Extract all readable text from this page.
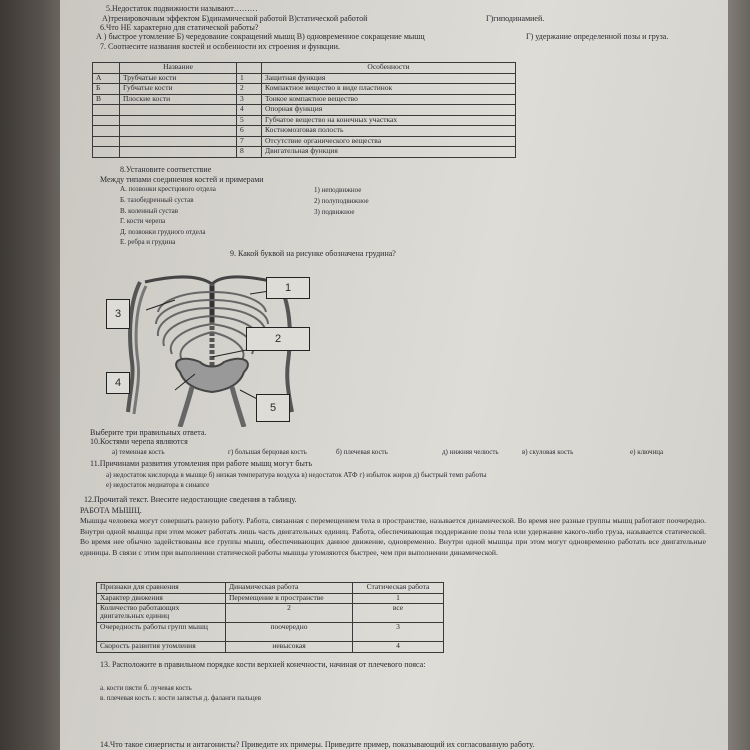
5.Недостаток подвижности называют………
А)тренировочным эффектом Б)динамической работой В)статической работой	Г)гиподинамией.
6.Что НЕ характерно для статической работы?
А ) быстрое утомление Б) чередование сокращений мышц В) одновременное сокращение мышц	Г) удержание определенной позы и груза.
7. Соотнесите названия костей и особенности их строения и функции.
	Название		Особенности
А	Трубчатые кости	1	Защитная функция
Б	Губчатые кости	2	Компактное вещество в виде пластинок
В	Плоские кости	3	Тонкое компактное вещество
		4	Опорная функция
		5	Губчатое вещество на конечных участках
		6	Костномозговая полость
		7	Отсутствие органического вещества
		8	Двигательная функция
8.Установите соответствие
Между типами соединения костей и примерами
А. позвонки крестцового отдела
Б. тазобедренный сустав
В. коленный сустав
Г. кости черепа
Д. позвонки грудного отдела
Е. ребра и грудина
1) неподвижное
2) полуподвижное
3) подвижное
9. Какой буквой на рисунке обозначена грудина?
1
2
3
4
5
Выберите три правильных ответа.
10.Костями черепа являются
а) теменная кость	г) большая берцовая кость	б) плечевая кость	д) нижняя челюсть	в) скуловая кость	е) ключица
11.Причинами развития утомления при работе мышц могут быть
а) недостаток кислорода в мышце б) низкая температура воздуха в) недостаток АТФ г) избыток жиров д) быстрый темп работы
е) недостаток медиатора в синапсе
12.Прочитай текст. Внесите недостающие сведения в таблицу.
РАБОТА МЫШЦ.
Мышцы человека могут совершать разную работу. Работа, связанная с перемещением тела в пространстве, называется динамической. Во время нее разные группы мышц работают поочередно. Внутри одной мышцы при этом может работать лишь часть двигательных единиц. Работа, обеспечивающая поддержание позы тела или удержание какого-либо груза, называется статической. Во время нее обычно задействованы все группы мышц, обеспечивающих данное движение, одновременно. Внутри одной мышцы при этом могут одновременно работать все двигательные единицы. В связи с этим при выполнении статической работы мышцы утомляются быстрее, чем при выполнении динамической.
Признаки для сравнения	Динамическая работа	Статическая работа
Характер движения	Перемещение в пространстве	1
Количество работающих двигательных единиц	2	все
Очередность работы групп мышц	поочередно	3
Скорость развития утомления	невысокая	4
13. Расположите в правильном порядке кости верхней конечности, начиная от плечевого пояса:
а. кости пясти б. лучевая кость
в. плечевая кость г. кости запястья д. фаланги пальцев
14.Что такое синергисты и антагонисты? Приведите их примеры. Приведите пример, показывающий их согласованную работу.
